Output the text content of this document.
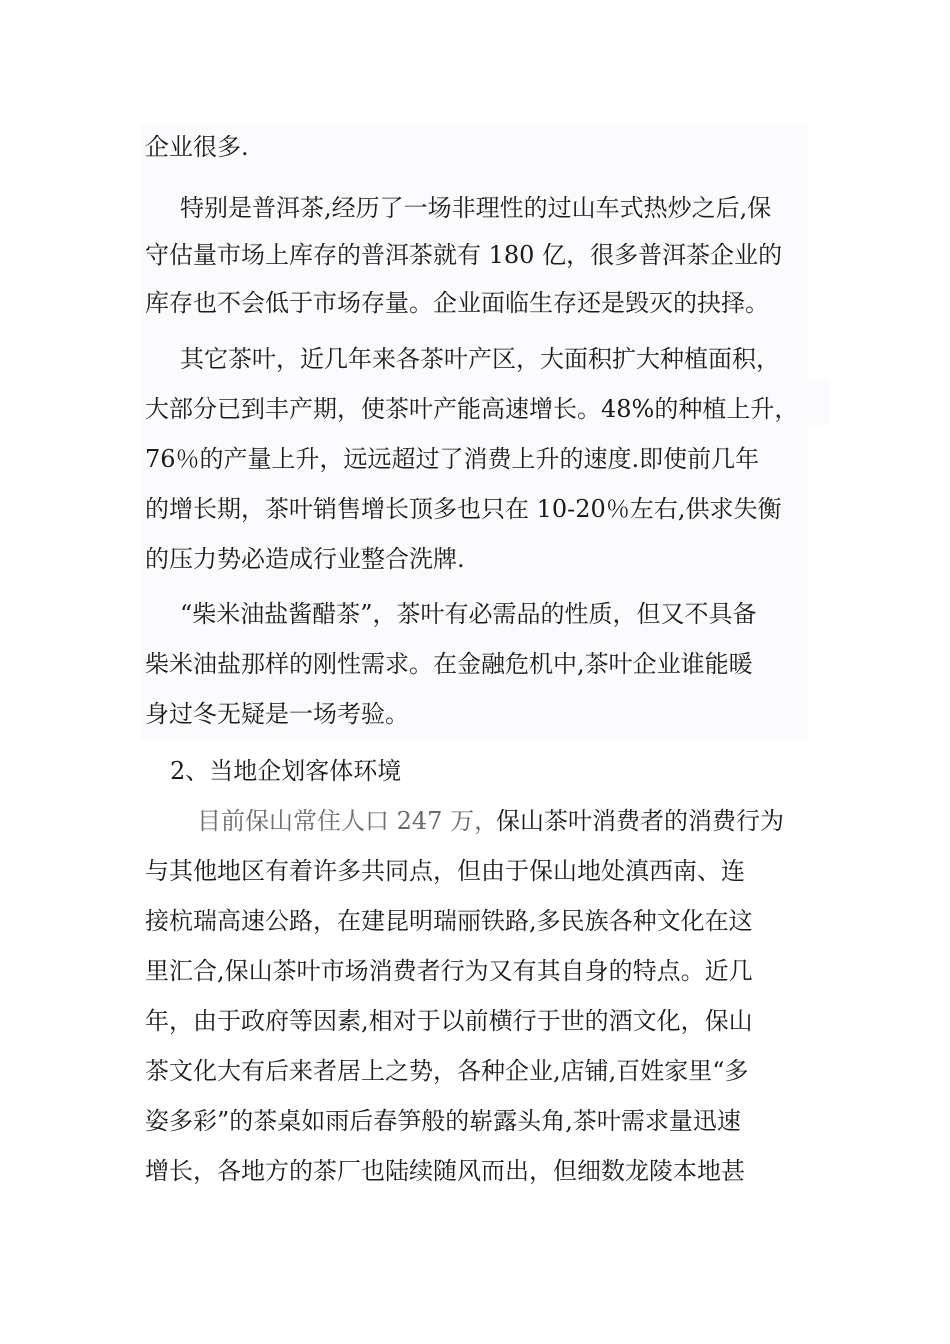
企业很多.
特别是普洱茶,经历了一场非理性的过山车式热炒之后,保
守估量市场上库存的普洱茶就有 180 亿，很多普洱茶企业的
库存也不会低于市场存量。企业面临生存还是毁灭的抉择。
其它茶叶，近几年来各茶叶产区，大面积扩大种植面积，
大部分已到丰产期，使茶叶产能高速增长。48%的种植上升，
76％的产量上升，远远超过了消费上升的速度.即使前几年
的增长期，茶叶销售增长顶多也只在 10-20％左右,供求失衡
的压力势必造成行业整合洗牌.
“柴米油盐酱醋茶”，茶叶有必需品的性质，但又不具备
柴米油盐那样的刚性需求。在金融危机中,茶叶企业谁能暖
身过冬无疑是一场考验。
2、当地企划客体环境
目前保山常住人口 247 万，
保山茶叶消费者的消费行为
与其他地区有着许多共同点，但由于保山地处滇西南、连
接杭瑞高速公路，在建昆明瑞丽铁路,多民族各种文化在这
里汇合,保山茶叶市场消费者行为又有其自身的特点。近几
年，由于政府等因素,相对于以前横行于世的酒文化，保山
茶文化大有后来者居上之势，各种企业,店铺,百姓家里“多
姿多彩”的茶桌如雨后春笋般的崭露头角,茶叶需求量迅速
增长，各地方的茶厂也陆续随风而出，但细数龙陵本地甚
